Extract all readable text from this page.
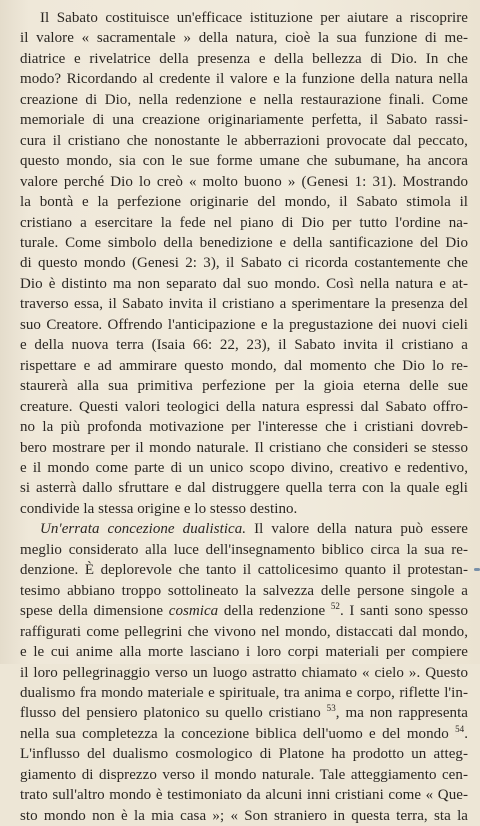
Il Sabato costituisce un'efficace istituzione per aiutare a riscoprire
il valore « sacramentale » della natura, cioè la sua funzione di me-
diatrice e rivelatrice della presenza e della bellezza di Dio. In che
modo? Ricordando al credente il valore e la funzione della natura nella
creazione di Dio, nella redenzione e nella restaurazione finali. Come
memoriale di una creazione originariamente perfetta, il Sabato rassi-
cura il cristiano che nonostante le abberrazioni provocate dal peccato,
questo mondo, sia con le sue forme umane che subumane, ha ancora
valore perché Dio lo creò « molto buono » (Genesi 1: 31). Mostrando
la bontà e la perfezione originarie del mondo, il Sabato stimola il
cristiano a esercitare la fede nel piano di Dio per tutto l'ordine na-
turale. Come simbolo della benedizione e della santificazione del Dio
di questo mondo (Genesi 2: 3), il Sabato ci ricorda costantemente che
Dio è distinto ma non separato dal suo mondo. Così nella natura e at-
traverso essa, il Sabato invita il cristiano a sperimentare la presenza del
suo Creatore. Offrendo l'anticipazione e la pregustazione dei nuovi cieli
e della nuova terra (Isaia 66: 22, 23), il Sabato invita il cristiano a
rispettare e ad ammirare questo mondo, dal momento che Dio lo re-
staurerà alla sua primitiva perfezione per la gioia eterna delle sue
creature. Questi valori teologici della natura espressi dal Sabato offro-
no la più profonda motivazione per l'interesse che i cristiani dovreb-
bero mostrare per il mondo naturale. Il cristiano che consideri se stesso
e il mondo come parte di un unico scopo divino, creativo e redentivo,
si asterrà dallo sfruttare e dal distruggere quella terra con la quale egli
condivide la stessa origine e lo stesso destino.
Un'errata concezione dualistica. Il valore della natura può essere
meglio considerato alla luce dell'insegnamento biblico circa la sua re-
denzione. È deplorevole che tanto il cattolicesimo quanto il protestan-
tesimo abbiano troppo sottolineato la salvezza delle persone singole a
spese della dimensione cosmica della redenzione $^{52}$. I santi sono spesso
raffigurati come pellegrini che vivono nel mondo, distaccati dal mondo,
e le cui anime alla morte lasciano i loro corpi materiali per compiere
il loro pellegrinaggio verso un luogo astratto chiamato « cielo ». Questo
dualismo fra mondo materiale e spirituale, tra anima e corpo, riflette l'in-
flusso del pensiero platonico su quello cristiano $^{53}$, ma non rappresenta
nella sua completezza la concezione biblica dell'uomo e del mondo $^{54}$.
L'influsso del dualismo cosmologico di Platone ha prodotto un atteg-
giamento di disprezzo verso il mondo naturale. Tale atteggiamento cen-
trato sull'altro mondo è testimoniato da alcuni inni cristiani come « Que-
sto mondo non è la mia casa »; « Son straniero in questa terra, sta la
